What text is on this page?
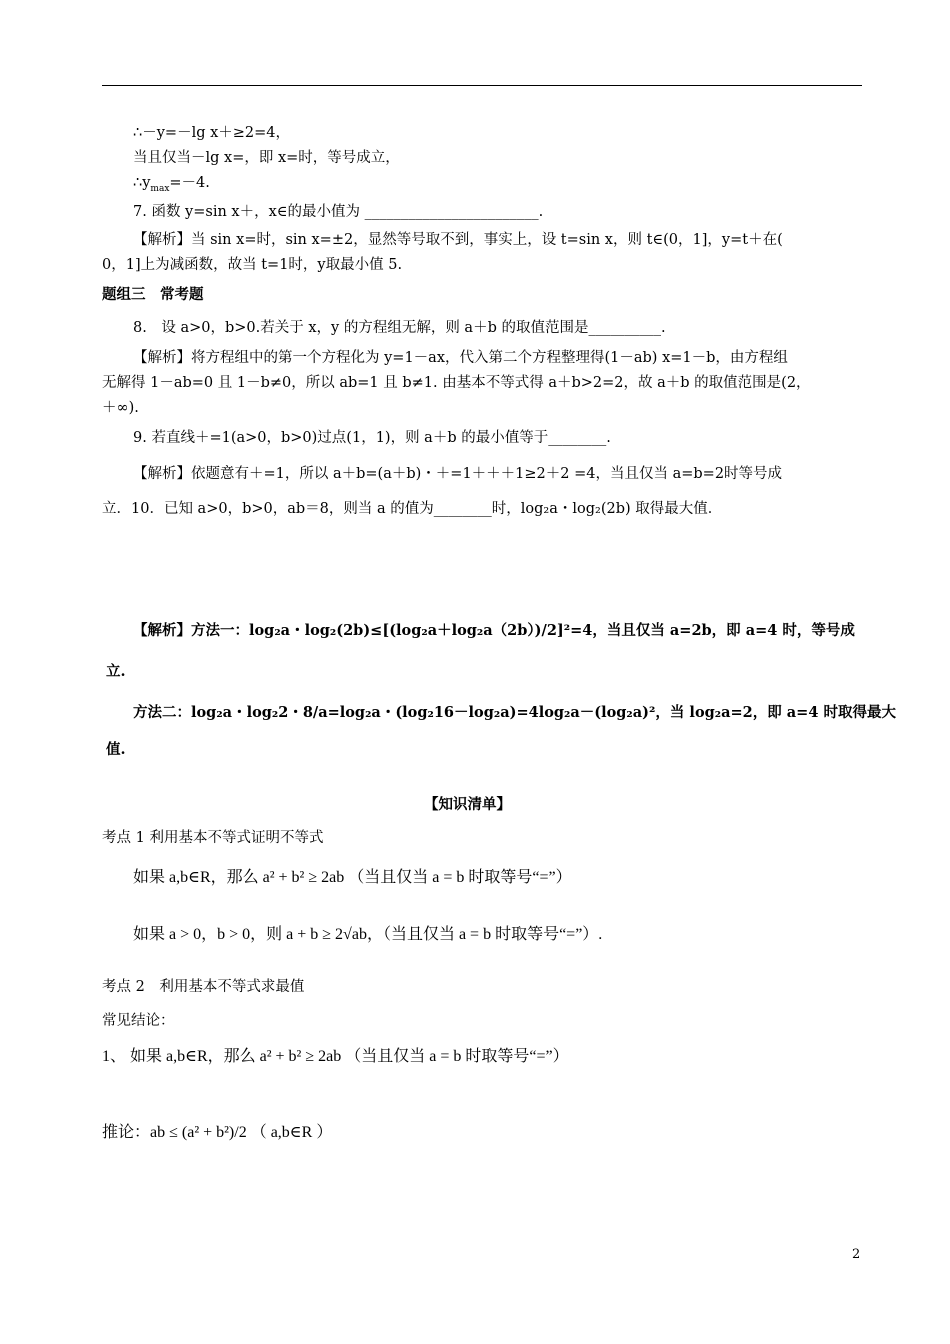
∴－y=－lg x＋≥2=4，
当且仅当－lg x=，即 x=时，等号成立，
$\therefore y_{max}=-4$.
7. 函数 y=sin x＋，x∈的最小值为 ________________________.
【解析】当 sin x=时，sin x=±2，显然等号取不到，事实上，设 t=sin x，则 t∈(0，1]，y=t＋在(
0，1]上为减函数，故当 t=1时，y取最小值 5.
题组三　常考题
8.　设 a>0，b>0.若关于 x，y 的方程组无解，则 a＋b 的取值范围是__________.
【解析】将方程组中的第一个方程化为 y=1－ax，代入第二个方程整理得(1－ab) x=1－b，由方程组
无解得 1－ab=0 且 1－b≠0，所以 ab=1 且 b≠1. 由基本不等式得 a＋b>2=2，故 a＋b 的取值范围是(2，
＋∞).
9. 若直线＋=1(a>0，b>0)过点(1，1)，则 a＋b 的最小值等于________.
【解析】依题意有＋=1，所以 a＋b=(a＋b)・＋=1＋＋＋1≥2＋2 =4，当且仅当 a=b=2时等号成
立．10．已知 a>0，b>0，ab＝8，则当 a 的值为________时，log₂a・log₂(2b) 取得最大值．
【解析】方法一：log₂a・log₂(2b)≤[(log₂a＋log₂a（2b）)/2]²=4，当且仅当 a=2b，即 a=4 时，等号成
立.
方法二：log₂a・log₂2・8/a=log₂a・(log₂16－log₂a)=4log₂a－(log₂a)²，当 log₂a=2，即 a=4 时取得最大
值.
【知识清单】
考点 1 利用基本不等式证明不等式
如果 a,b∈R，那么 a² + b² ≥ 2ab （当且仅当 a = b 时取等号“=”）
如果 a > 0，b > 0，则 a + b ≥ 2√ab，（当且仅当 a = b 时取等号“=”）.
考点 2　利用基本不等式求最值
常见结论：
1、 如果 a,b∈R，那么 a² + b² ≥ 2ab （当且仅当 a = b 时取等号“=”）
推论：ab ≤ (a² + b²)/2 （ a,b∈R ）
2
